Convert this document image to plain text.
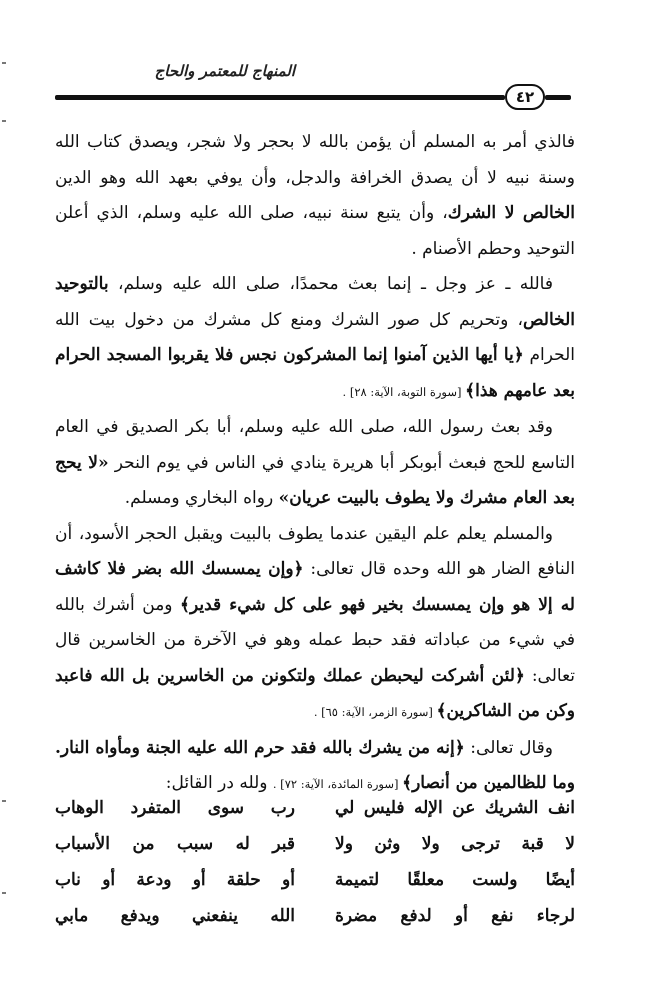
المنهاج للمعتمر والحاج
٤٢

فالذي أمر به المسلم أن يؤمن بالله لا بحجر ولا شجر، ويصدق كتاب الله وسنة نبيه لا أن يصدق الخرافة والدجل، وأن يوفي بعهد الله وهو الدين الخالص لا الشرك، وأن يتبع سنة نبيه، صلى الله عليه وسلم، الذي أعلن التوحيد وحطم الأصنام .

فالله ـ عز وجل ـ إنما بعث محمدًا، صلى الله عليه وسلم، بالتوحيد الخالص، وتحريم كل صور الشرك ومنع كل مشرك من دخول بيت الله الحرام ﴿يا أيها الذين آمنوا إنما المشركون نجس فلا يقربوا المسجد الحرام بعد عامهم هذا﴾ [سورة التوبة، الآية: ٢٨] .

وقد بعث رسول الله، صلى الله عليه وسلم، أبا بكر الصديق في العام التاسع للحج فبعث أبوبكر أبا هريرة ينادي في الناس في يوم النحر «لا يحج بعد العام مشرك ولا يطوف بالبيت عريان» رواه البخاري ومسلم.

والمسلم يعلم علم اليقين عندما يطوف بالبيت ويقبل الحجر الأسود، أن النافع الضار هو الله وحده قال تعالى: ﴿وإن يمسسك الله بضر فلا كاشف له إلا هو وإن يمسسك بخير فهو على كل شيء قدير﴾ ومن أشرك بالله في شيء من عباداته فقد حبط عمله وهو في الآخرة من الخاسرين قال تعالى: ﴿لئن أشركت ليحبطن عملك ولتكونن من الخاسرين بل الله فاعبد وكن من الشاكرين﴾ [سورة الزمر، الآية: ٦٥] .

وقال تعالى: ﴿إنه من يشرك بالله فقد حرم الله عليه الجنة ومأواه النار. وما للظالمين من أنصار﴾ [سورة المائدة، الآية: ٧٢] . ولله در القائل:

انف الشريك عن الإله فليس لي
رب سوى المتفرد الوهاب
لا قبة ترجى ولا وثن ولا
قبر له سبب من الأسباب
أيضًا ولست معلقًا لتميمة
أو حلقة أو ودعة أو ناب
لرجاء نفع أو لدفع مضرة
الله ينفعني ويدفع مابي
